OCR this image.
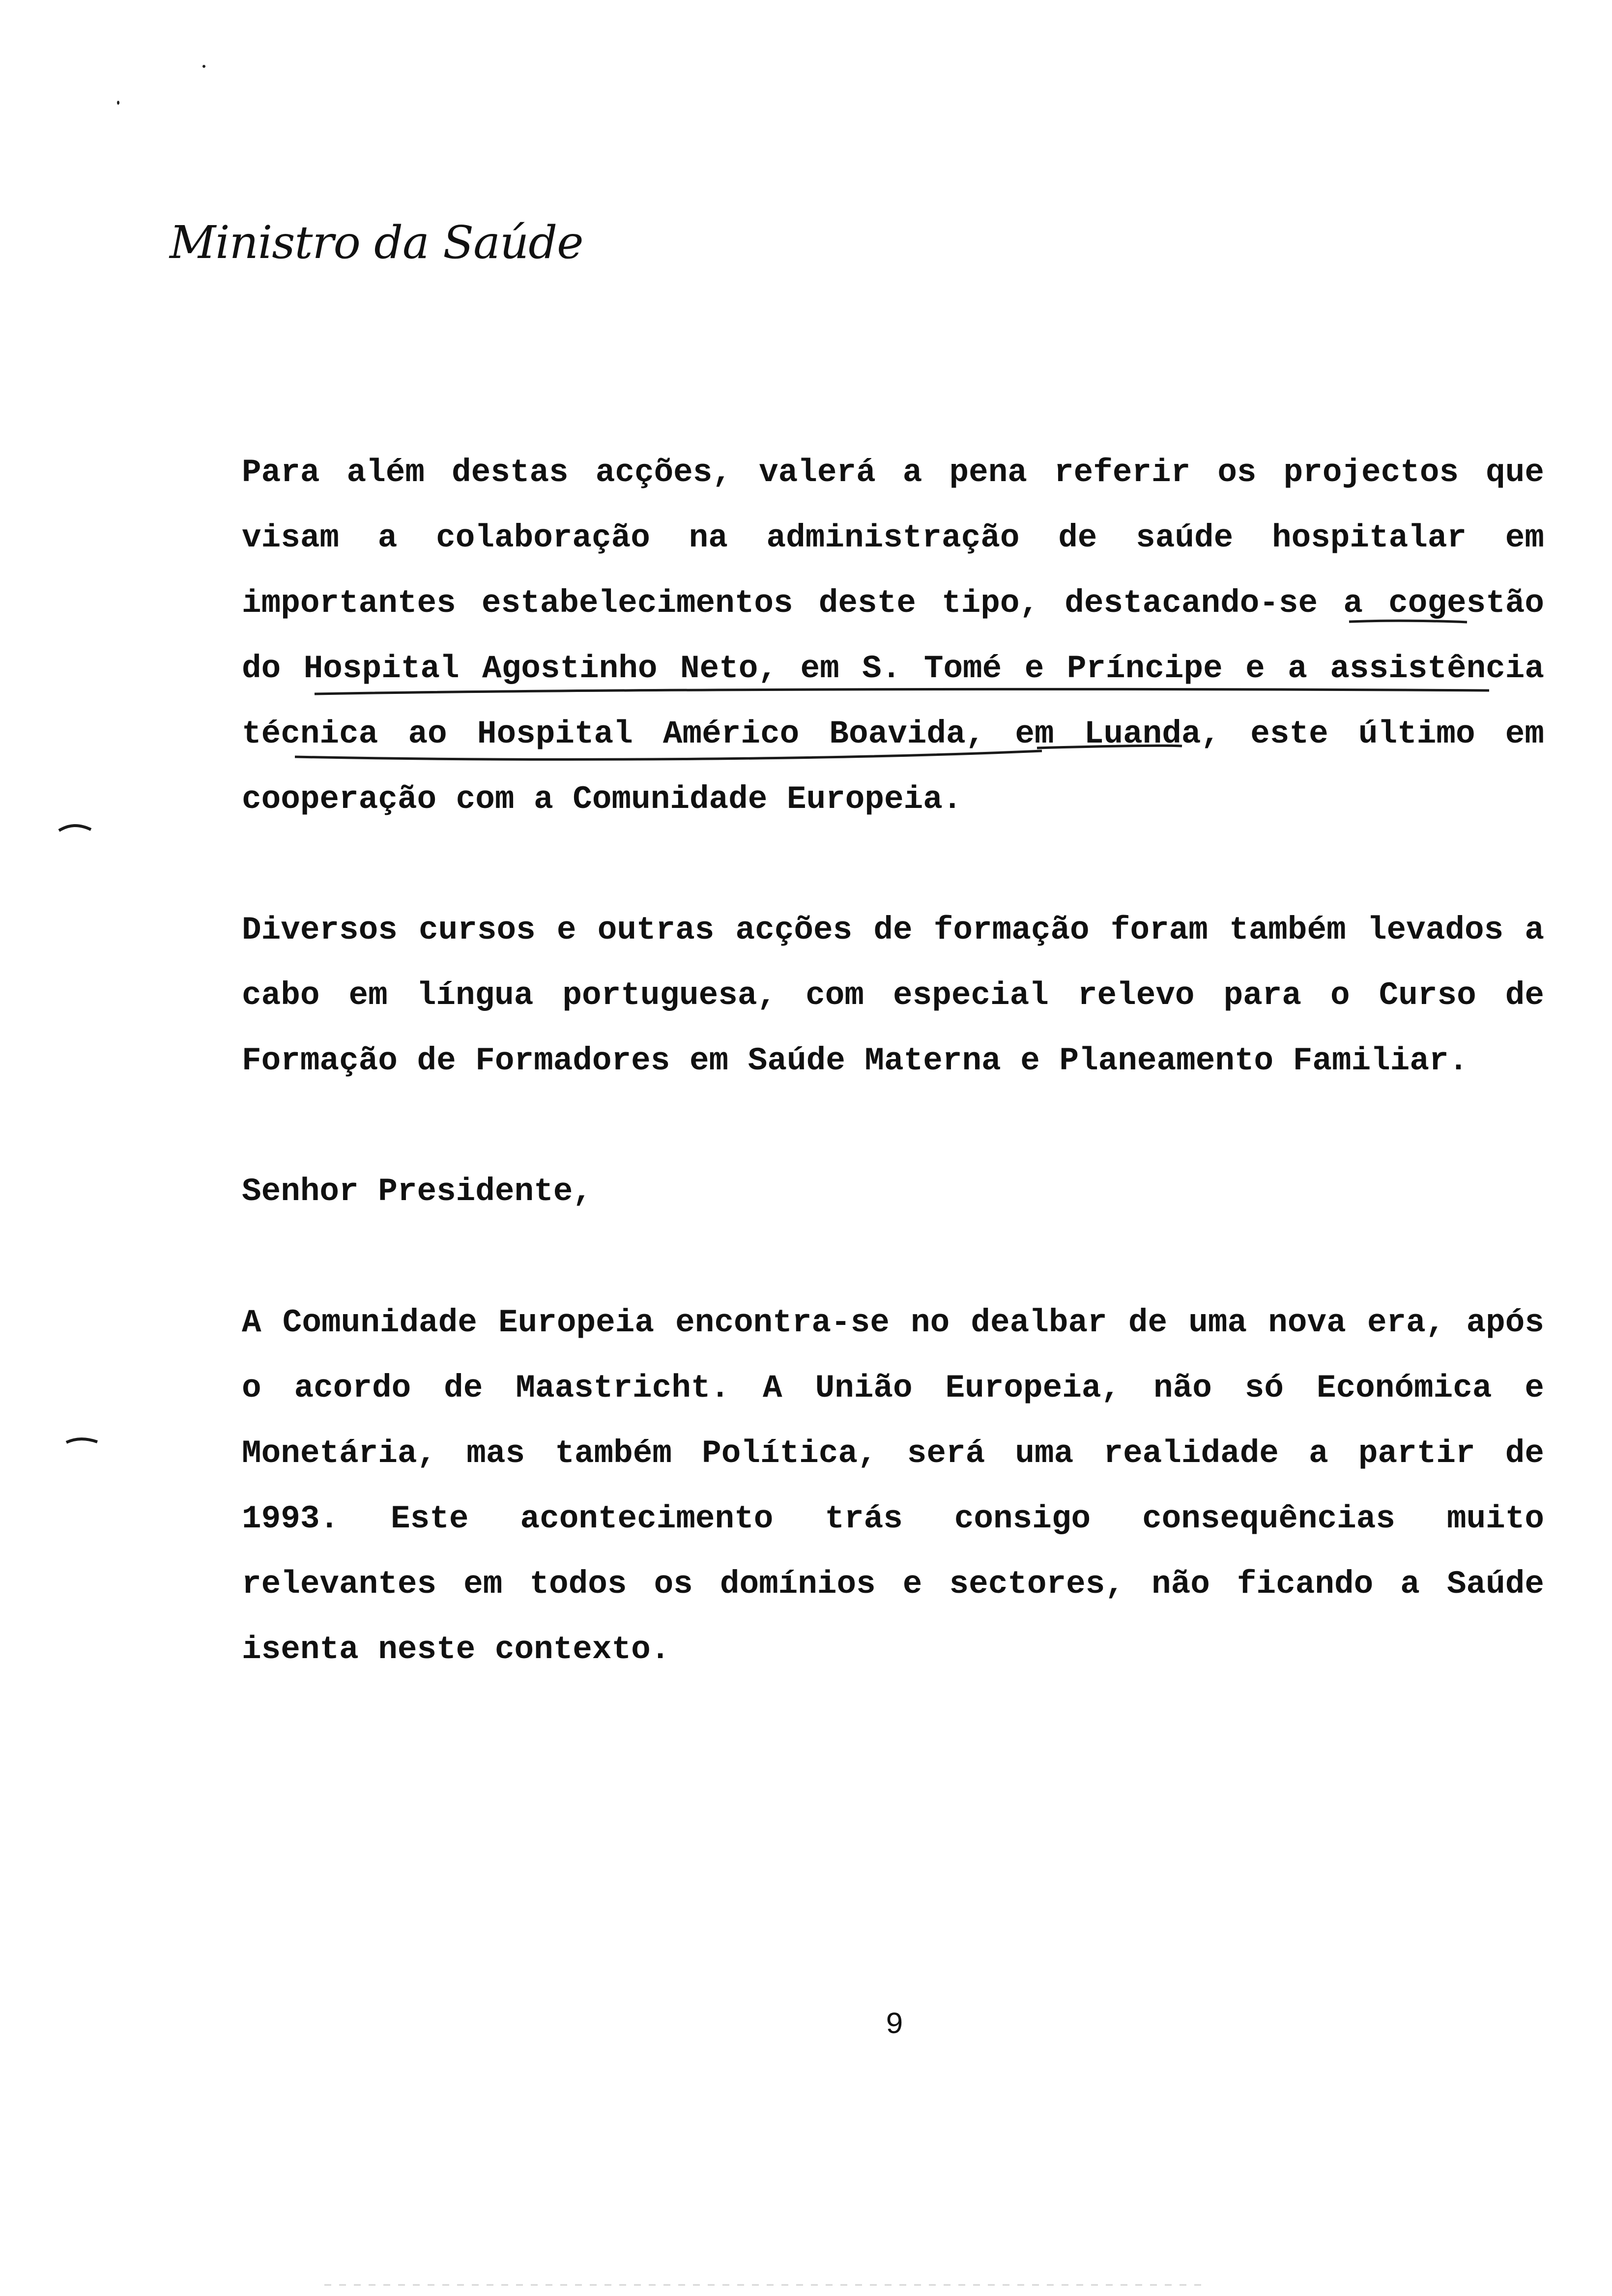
Ministro da Saúde

Para além destas acções, valerá a pena referir os projectos que visam a colaboração na administração de saúde hospitalar em importantes estabelecimentos deste tipo, destacando-se a cogestão do Hospital Agostinho Neto, em S. Tomé e Príncipe e a assistência técnica ao Hospital Américo Boavida, em Luanda, este último em cooperação com a Comunidade Europeia.

Diversos cursos e outras acções de formação foram também levados a cabo em língua portuguesa, com especial relevo para o Curso de Formação de Formadores em Saúde Materna e Planeamento Familiar.

Senhor Presidente,

A Comunidade Europeia encontra-se no dealbar de uma nova era, após o acordo de Maastricht. A União Europeia, não só Económica e Monetária, mas também Política, será uma realidade a partir de 1993. Este acontecimento trás consigo consequências muito relevantes em todos os domínios e sectores, não ficando a Saúde isenta neste contexto.

9
